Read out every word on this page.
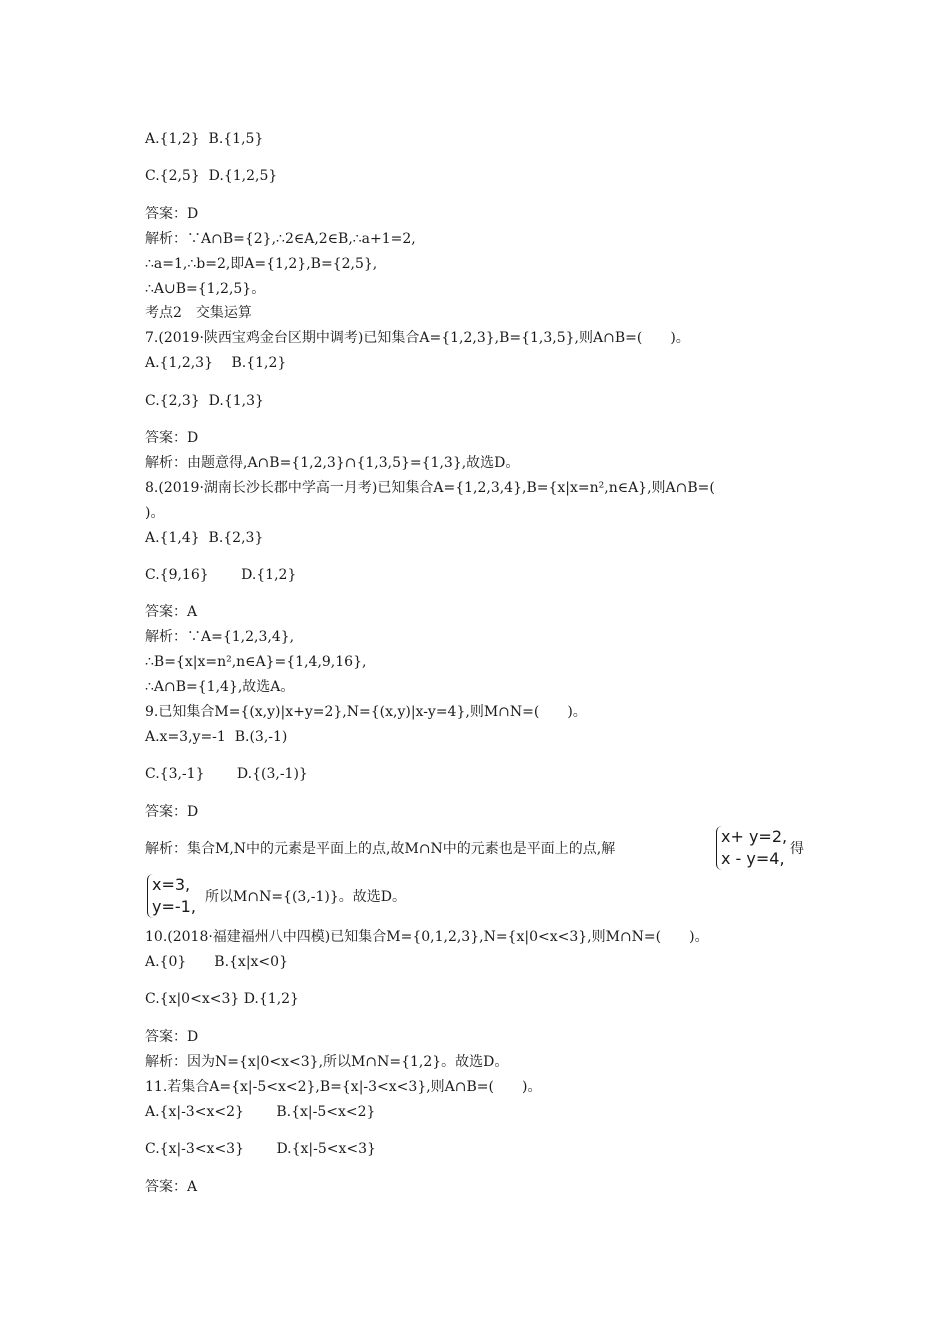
A.{1,2}  B.{1,5}
C.{2,5}  D.{1,2,5}
答案：D
解析：∵A∩B={2},∴2∈A,2∈B,∴a+1=2,
∴a=1,∴b=2,即A={1,2},B={2,5},
∴A∪B={1,2,5}。
考点2　交集运算
7.(2019·陕西宝鸡金台区期中调考)已知集合A={1,2,3},B={1,3,5},则A∩B=(　　)。
A.{1,2,3}　 B.{1,2}
C.{2,3}  D.{1,3}
答案：D
解析：由题意得,A∩B={1,2,3}∩{1,3,5}={1,3},故选D。
8.(2019·湖南长沙长郡中学高一月考)已知集合A={1,2,3,4},B={x|x=n²,n∈A},则A∩B=(
)。
A.{1,4}  B.{2,3}
C.{9,16}　　 D.{1,2}
答案：A
解析：∵A={1,2,3,4},
∴B={x|x=n²,n∈A}={1,4,9,16},
∴A∩B={1,4},故选A。
9.已知集合M={(x,y)|x+y=2},N={(x,y)|x-y=4},则M∩N=(　　)。
A.x=3,y=-1  B.(3,-1)
C.{3,-1}　　 D.{(3,-1)}
答案：D
解析：集合M,N中的元素是平面上的点,故M∩N中的元素也是平面上的点,解
所以M∩N={(3,-1)}。故选D。
10.(2018·福建福州八中四模)已知集合M={0,1,2,3},N={x|0<x<3},则M∩N=(　　)。
A.{0}　　B.{x|x<0}
C.{x|0<x<3} D.{1,2}
答案：D
解析：因为N={x|0<x<3},所以M∩N={1,2}。故选D。
11.若集合A={x|-5<x<2},B={x|-3<x<3},则A∩B=(　　)。
A.{x|-3<x<2}　　 B.{x|-5<x<2}
C.{x|-3<x<3}　　 D.{x|-5<x<3}
答案：A
x+ y=2,
x - y=4, 得
x=3,
y=-1,
